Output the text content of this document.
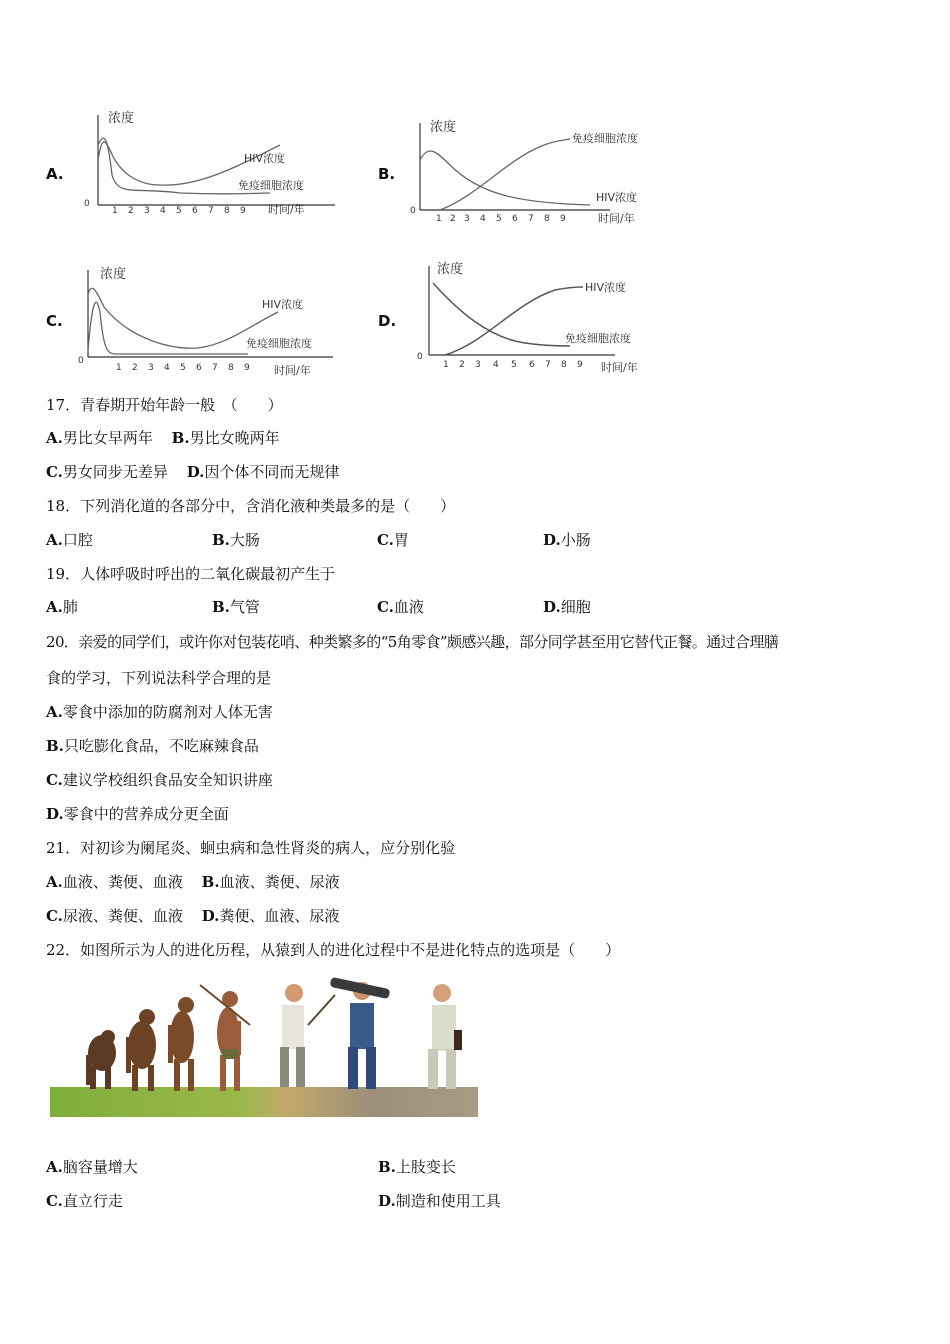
A.
浓度
0
HIV浓度
免疫细胞浓度
1 2 3 4 5 6 7 8 9 时间/年
B.
浓度
0
免疫细胞浓度
HIV浓度
1 2 3 4 5 6 7 8 9	时间/年
C.
浓度
0
HIV浓度
免疫细胞浓度
1 2 3 4 5 6 7 8 9 时间/年
D.
浓度
0
HIV浓度
免疫细胞浓度
1 2 3 4 5 6 7 8 9 时间/年
17．青春期开始年龄一般　（　　）
A.男比女早两年 B.男比女晚两年
C.男女同步无差异 D.因个体不同而无规律
18．下列消化道的各部分中，含消化液种类最多的是（　　）
A.口腔	B.大肠	C.胃	D.小肠
19．人体呼吸时呼出的二氧化碳最初产生于
A.肺	B.气管	C.血液	D.细胞
20．亲爱的同学们，或许你对包装花哨、种类繁多的“5角零食”颇感兴趣，部分同学甚至用它替代正餐。通过合理膳
食的学习，下列说法科学合理的是
A.零食中添加的防腐剂对人体无害
B.只吃膨化食品，不吃麻辣食品
C.建议学校组织食品安全知识讲座
D.零食中的营养成分更全面
21．对初诊为阑尾炎、蛔虫病和急性肾炎的病人，应分别化验
A.血液、粪便、血液 B.血液、粪便、尿液
C.尿液、粪便、血液 D.粪便、血液、尿液
22．如图所示为人的进化历程，从猿到人的进化过程中不是进化特点的选项是（　　）
A.脑容量增大	B.上肢变长
C.直立行走	D.制造和使用工具
